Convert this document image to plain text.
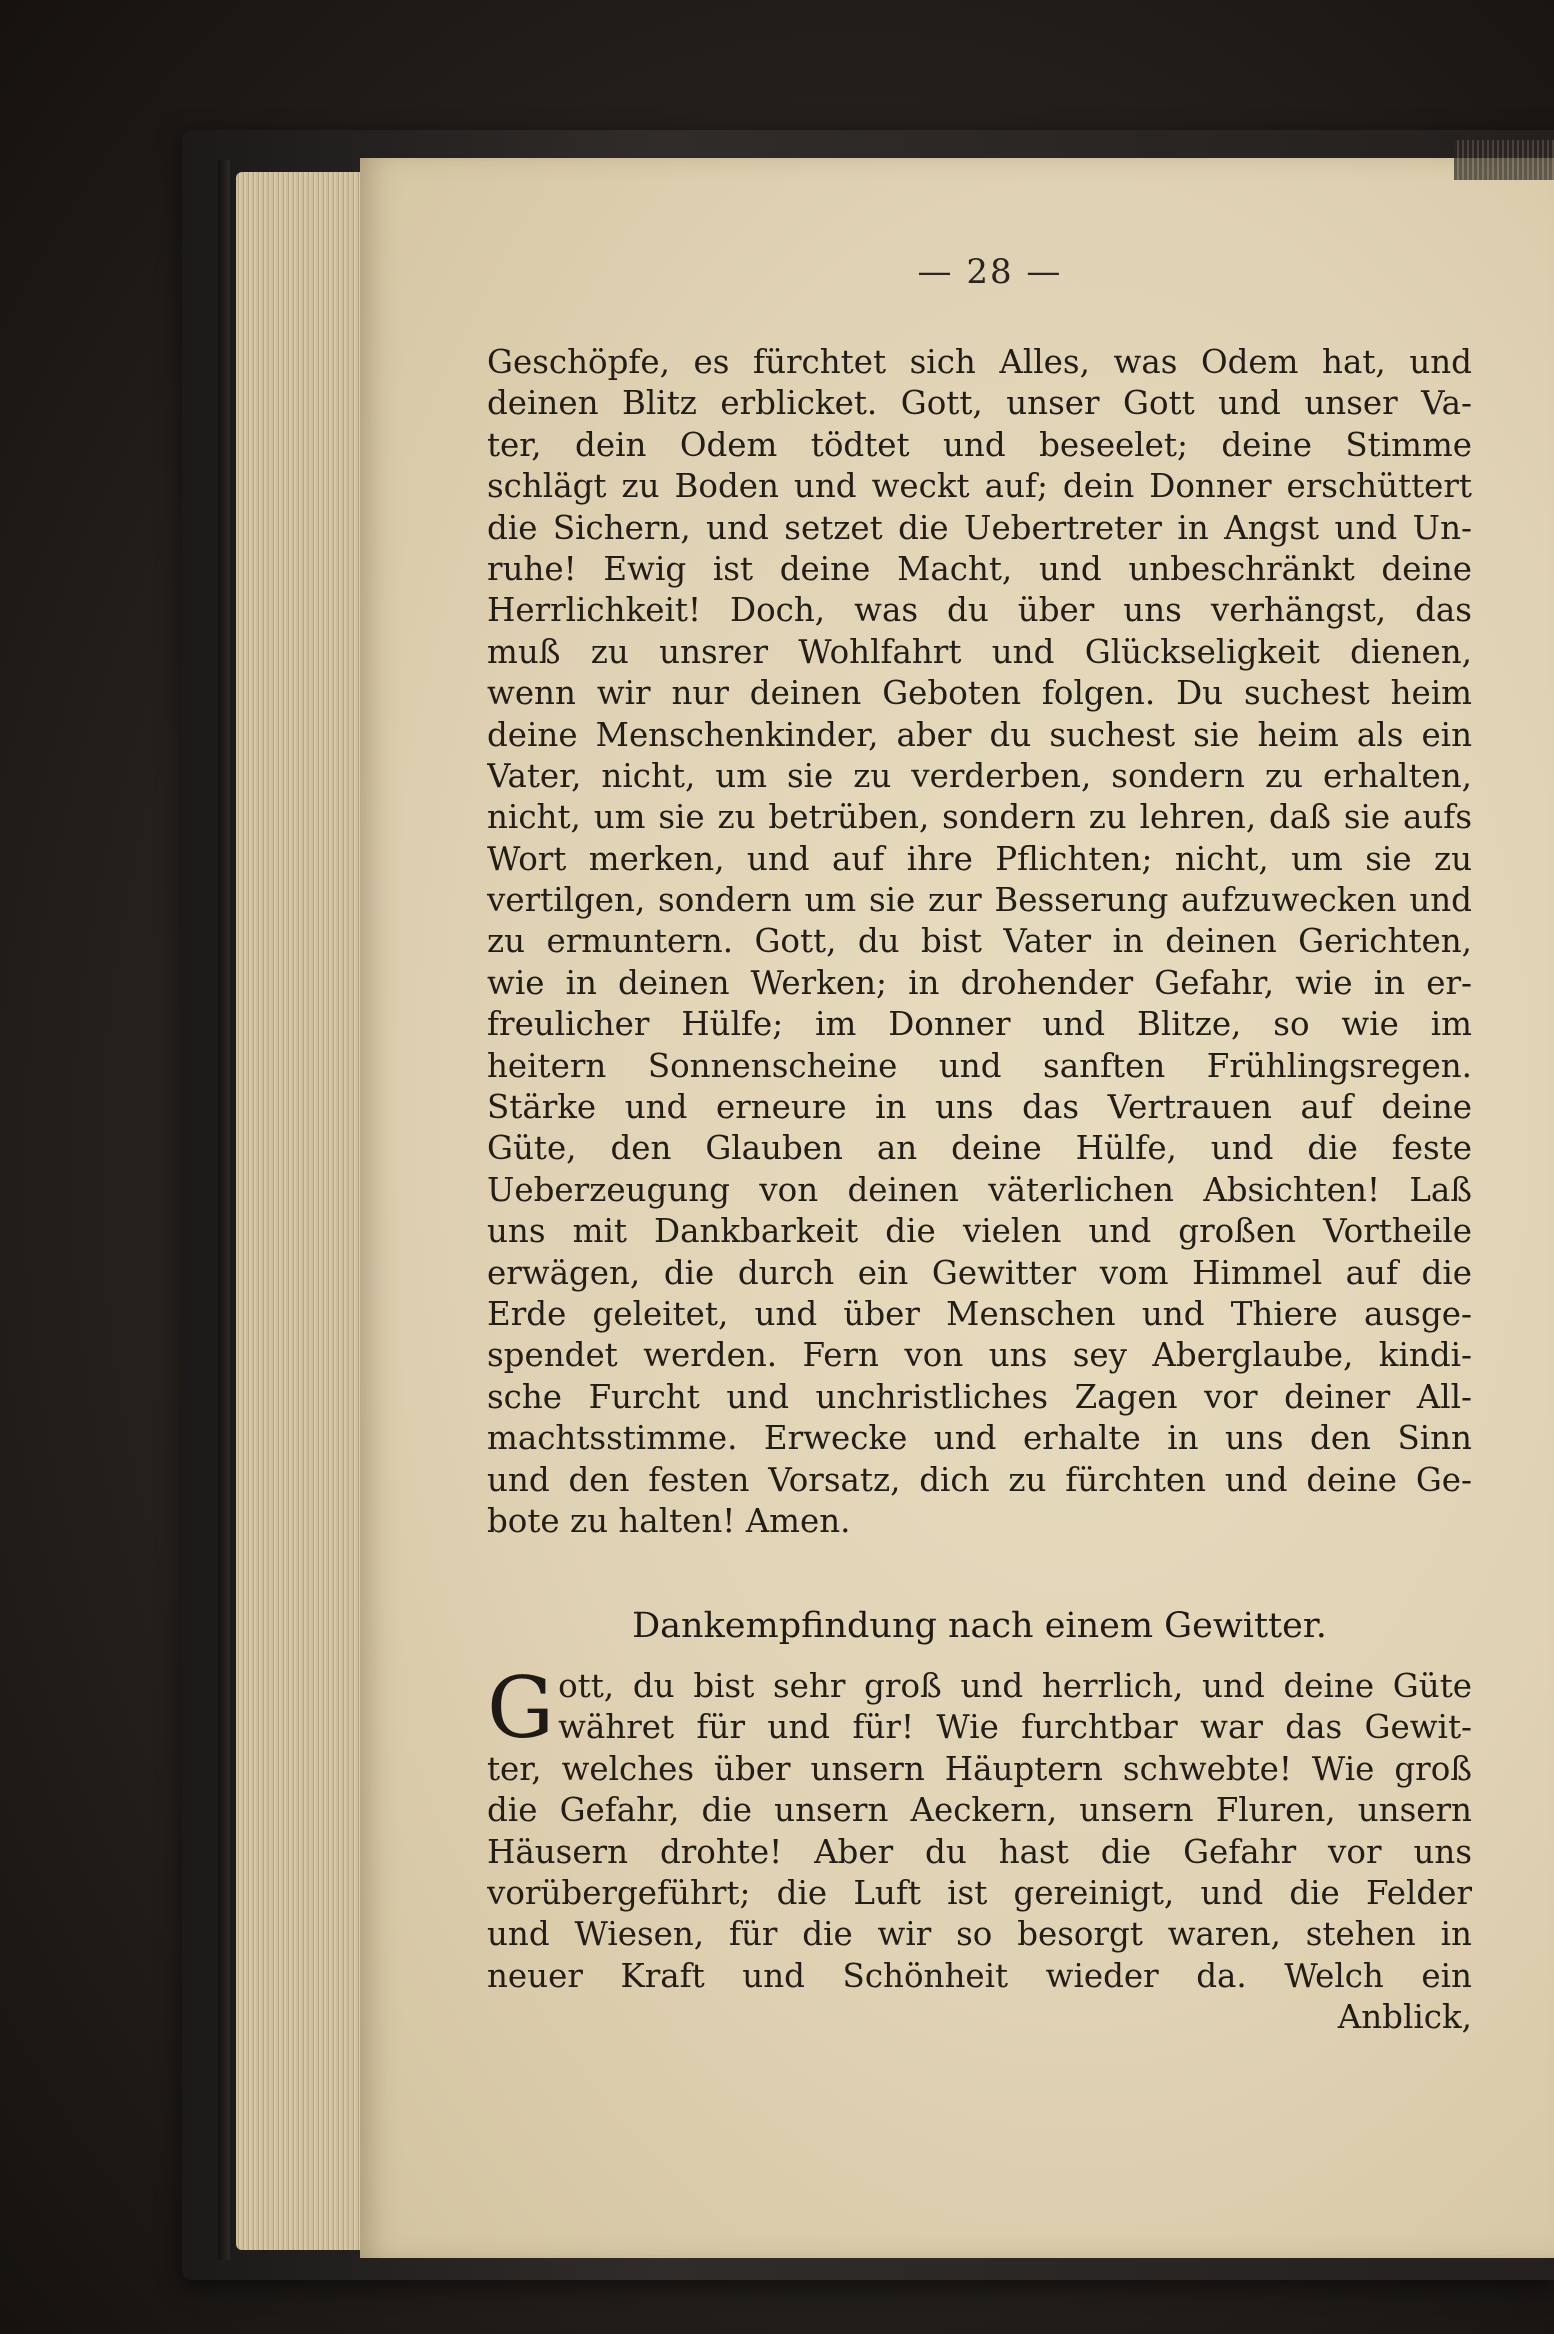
— 28 —
Geschöpfe, es fürchtet sich Alles, was Odem hat, und
deinen Blitz erblicket. Gott, unser Gott und unser Va-
ter, dein Odem tödtet und beseelet; deine Stimme
schlägt zu Boden und weckt auf; dein Donner erschüttert
die Sichern, und setzet die Uebertreter in Angst und Un-
ruhe! Ewig ist deine Macht, und unbeschränkt deine
Herrlichkeit! Doch, was du über uns verhängst, das
muß zu unsrer Wohlfahrt und Glückseligkeit dienen,
wenn wir nur deinen Geboten folgen. Du suchest heim
deine Menschenkinder, aber du suchest sie heim als ein
Vater, nicht, um sie zu verderben, sondern zu erhalten,
nicht, um sie zu betrüben, sondern zu lehren, daß sie aufs
Wort merken, und auf ihre Pflichten; nicht, um sie zu
vertilgen, sondern um sie zur Besserung aufzuwecken und
zu ermuntern. Gott, du bist Vater in deinen Gerichten,
wie in deinen Werken; in drohender Gefahr, wie in er-
freulicher Hülfe; im Donner und Blitze, so wie im
heitern Sonnenscheine und sanften Frühlingsregen.
Stärke und erneure in uns das Vertrauen auf deine
Güte, den Glauben an deine Hülfe, und die feste
Ueberzeugung von deinen väterlichen Absichten! Laß
uns mit Dankbarkeit die vielen und großen Vortheile
erwägen, die durch ein Gewitter vom Himmel auf die
Erde geleitet, und über Menschen und Thiere ausge-
spendet werden. Fern von uns sey Aberglaube, kindi-
sche Furcht und unchristliches Zagen vor deiner All-
machtsstimme. Erwecke und erhalte in uns den Sinn
und den festen Vorsatz, dich zu fürchten und deine Ge-
bote zu halten! Amen.
Dankempfindung nach einem Gewitter.
G ott, du bist sehr groß und herrlich, und deine Güte
währet für und für! Wie furchtbar war das Gewit-
ter, welches über unsern Häuptern schwebte! Wie groß
die Gefahr, die unsern Aeckern, unsern Fluren, unsern
Häusern drohte! Aber du hast die Gefahr vor uns
vorübergeführt; die Luft ist gereinigt, und die Felder
und Wiesen, für die wir so besorgt waren, stehen in
neuer Kraft und Schönheit wieder da. Welch ein
Anblick,
